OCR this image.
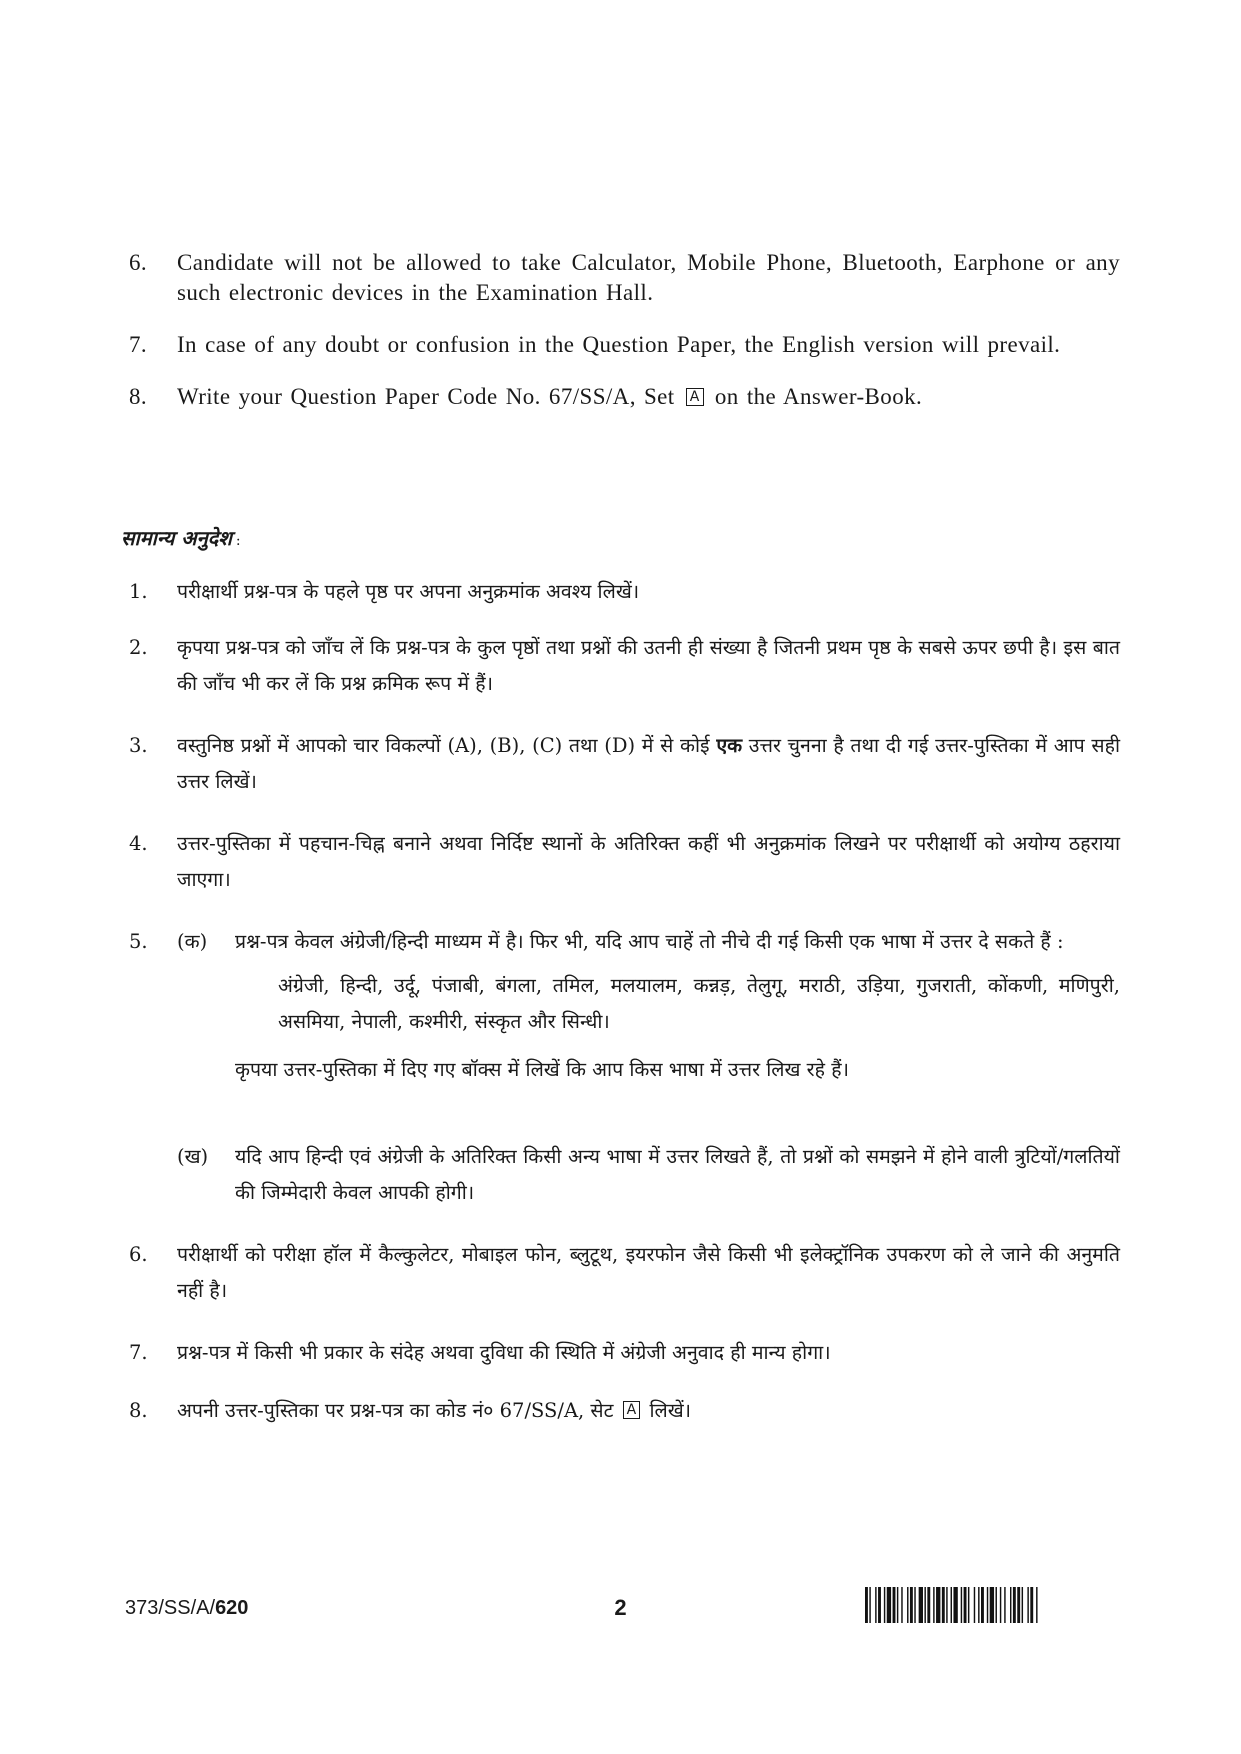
6. Candidate will not be allowed to take Calculator, Mobile Phone, Bluetooth, Earphone or any such electronic devices in the Examination Hall.
7. In case of any doubt or confusion in the Question Paper, the English version will prevail.
8. Write your Question Paper Code No. 67/SS/A, Set A on the Answer-Book.
सामान्य अनुदेश :
1. परीक्षार्थी प्रश्न-पत्र के पहले पृष्ठ पर अपना अनुक्रमांक अवश्य लिखें।
2. कृपया प्रश्न-पत्र को जाँच लें कि प्रश्न-पत्र के कुल पृष्ठों तथा प्रश्नों की उतनी ही संख्या है जितनी प्रथम पृष्ठ के सबसे ऊपर छपी है। इस बात की जाँच भी कर लें कि प्रश्न क्रमिक रूप में हैं।
3. वस्तुनिष्ठ प्रश्नों में आपको चार विकल्पों (A), (B), (C) तथा (D) में से कोई एक उत्तर चुनना है तथा दी गई उत्तर-पुस्तिका में आप सही उत्तर लिखें।
4. उत्तर-पुस्तिका में पहचान-चिह्न बनाने अथवा निर्दिष्ट स्थानों के अतिरिक्त कहीं भी अनुक्रमांक लिखने पर परीक्षार्थी को अयोग्य ठहराया जाएगा।
5. (क) प्रश्न-पत्र केवल अंग्रेजी/हिन्दी माध्यम में है। फिर भी, यदि आप चाहें तो नीचे दी गई किसी एक भाषा में उत्तर दे सकते हैं :
अंग्रेजी, हिन्दी, उर्दू, पंजाबी, बंगला, तमिल, मलयालम, कन्नड़, तेलुगू, मराठी, उड़िया, गुजराती, कोंकणी, मणिपुरी, असमिया, नेपाली, कश्मीरी, संस्कृत और सिन्धी।
कृपया उत्तर-पुस्तिका में दिए गए बॉक्स में लिखें कि आप किस भाषा में उत्तर लिख रहे हैं।
(ख) यदि आप हिन्दी एवं अंग्रेजी के अतिरिक्त किसी अन्य भाषा में उत्तर लिखते हैं, तो प्रश्नों को समझने में होने वाली त्रुटियों/गलतियों की जिम्मेदारी केवल आपकी होगी।
6. परीक्षार्थी को परीक्षा हॉल में कैल्कुलेटर, मोबाइल फोन, ब्लुटूथ, इयरफोन जैसे किसी भी इलेक्ट्रॉनिक उपकरण को ले जाने की अनुमति नहीं है।
7. प्रश्न-पत्र में किसी भी प्रकार के संदेह अथवा दुविधा की स्थिति में अंग्रेजी अनुवाद ही मान्य होगा।
8. अपनी उत्तर-पुस्तिका पर प्रश्न-पत्र का कोड नं० 67/SS/A, सेट A लिखें।
373/SS/A/620	2
